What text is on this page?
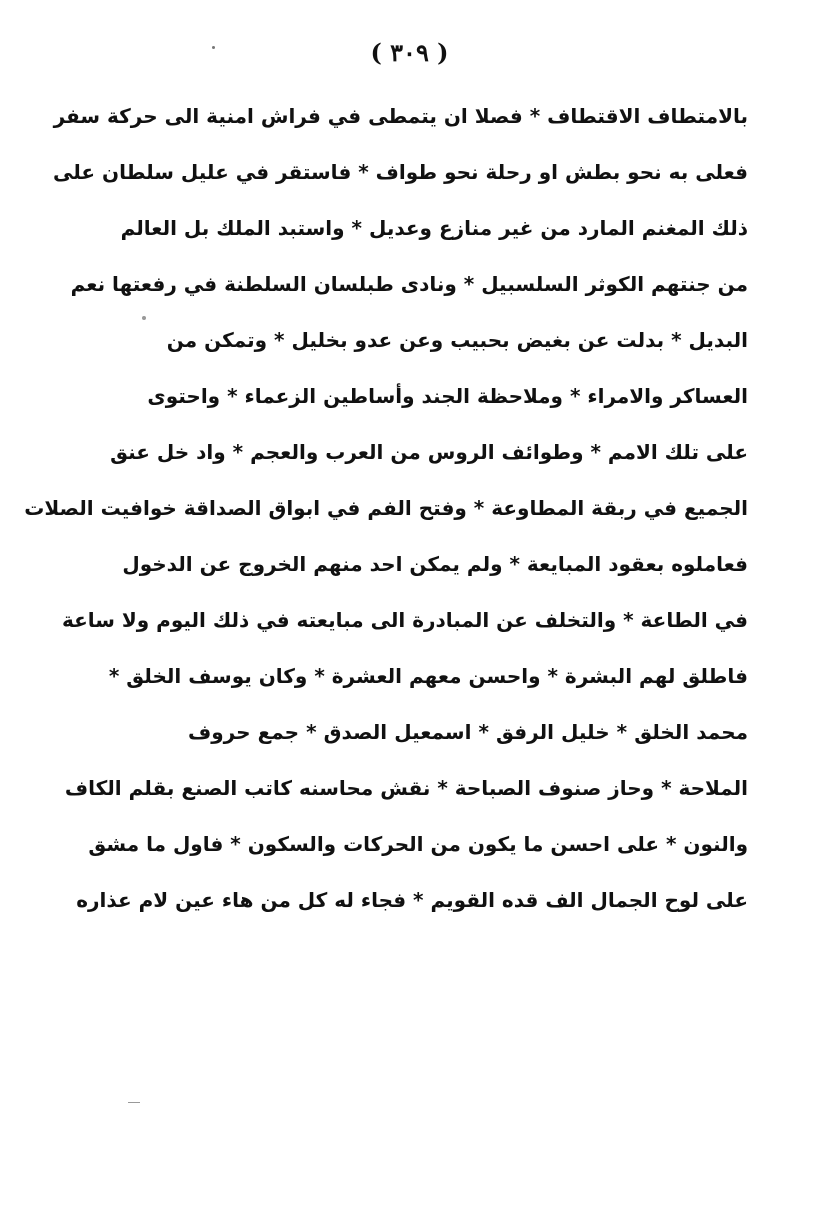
( ٣٠٩ )
بالامتطاف الاقتطاف * فصلا ان يتمطى في فراش امنية الى حركة سفر
فعلى به نحو بطش او رحلة نحو طواف * فاستقر في عليل سلطان على
ذلك المغنم المارد من غير منازع وعديل * واستبد الملك بل العالم
من جنتهم الكوثر السلسبيل * ونادى طبلسان السلطنة في رفعتها نعم
البديل * بدلت عن بغيض بحبيب وعن عدو بخليل * وتمكن من
العساكر والامراء * وملاحظة الجند وأساطين الزعماء * واحتوى
على تلك الامم * وطوائف الروس من العرب والعجم * واد خل عنق
الجميع في ربقة المطاوعة * وفتح الفم في ابواق الصداقة خوافيت الصلات
فعاملوه بعقود المبايعة * ولم يمكن احد منهم الخروج عن الدخول
في الطاعة * والتخلف عن المبادرة الى مبايعته في ذلك اليوم ولا ساعة
فاطلق لهم البشرة * واحسن معهم العشرة * وكان يوسف الخلق *
محمد الخلق * خليل الرفق * اسمعيل الصدق * جمع حروف
الملاحة * وحاز صنوف الصباحة * نقش محاسنه كاتب الصنع بقلم الكاف
والنون * على احسن ما يكون من الحركات والسكون * فاول ما مشق
على لوح الجمال الف قده القويم * فجاء له كل من هاء عين لام عذاره
